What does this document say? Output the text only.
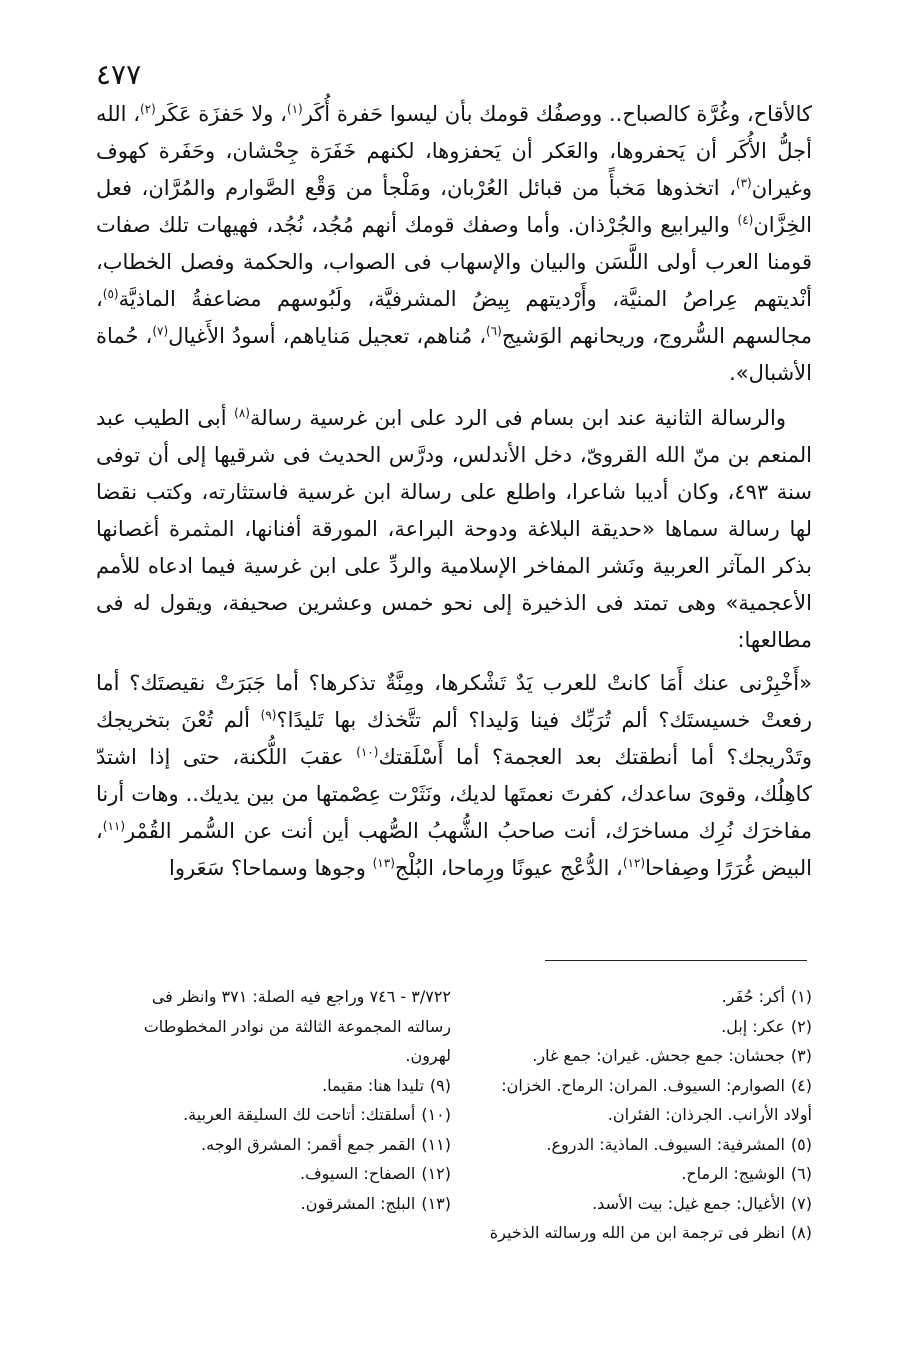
٤٧٧

كالأقاح، وغُرَّة كالصباح.. ووصفُك قومك بأن ليسوا حَفرة أُكَر$^{(١)}$، ولا حَفزَة عَكَر$^{(٢)}$، الله أجلُّ الأُكَر أن يَحفروها، والعَكر أن يَحفزوها، لكنهم خَفَرَة جِحْشان، وحَفَرة كهوف وغيران$^{(٣)}$، اتخذوها مَخبأً من قبائل العُرْبان، ومَلْجأ من وَقْع الصَّوارم والمُرَّان، فعل الخِزَّان$^{(٤)}$ واليرابيع والجُرْذان. وأما وصفك قومك أنهم مُجُد، نُجُد، فهيهات تلك صفات قومنا العرب أولى اللَّسَن والبيان والإسهاب فى الصواب، والحكمة وفصل الخطاب، أنْديتهم عِراصُ المنيَّة، وأَرْديتهم بِيضُ المشرفيَّة، ولَبُوسهم مضاعفةُ الماذيَّة$^{(٥)}$، مجالسهم السُّروج، وريحانهم الوَشيج$^{(٦)}$، مُناهم، تعجيل مَناياهم، أسودُ الأَغيال$^{(٧)}$، حُماة الأشبال».

والرسالة الثانية عند ابن بسام فى الرد على ابن غرسية رسالة$^{(٨)}$ أبى الطيب عبد المنعم بن منّ الله القروىّ، دخل الأندلس، ودرَّس الحديث فى شرقيها إلى أن توفى سنة ٤٩٣، وكان أديبا شاعرا، واطلع على رسالة ابن غرسية فاستثارته، وكتب نقضا لها رسالة سماها «حديقة البلاغة ودوحة البراعة، المورقة أفنانها، المثمرة أغصانها بذكر المآثر العربية ونَشر المفاخر الإسلامية والردِّ على ابن غرسية فيما ادعاه للأمم الأعجمية» وهى تمتد فى الذخيرة إلى نحو خمس وعشرين صحيفة، ويقول له فى مطالعها:

«أَخْبِرْنى عنك أَمَا كانتْ للعرب يَدٌ تَشْكرها، ومِنَّةٌ تذكرها؟ أما جَبَرَتْ نقيصتَك؟ أما رفعتْ خسيستَك؟ ألم تُرَبِّك فينا وَليدا؟ ألم تتَّخذك بها تَليدًا؟$^{(٩)}$ ألم تُعْنَ بتخريجك وتَدْريجك؟ أما أنطقتك بعد العجمة؟ أما أَسْلَقتك$^{(١٠)}$ عقبَ اللُّكنة، حتى إذا اشتدّ كاهِلُك، وقوىَ ساعدك، كفرتَ نعمتَها لديك، ونَثَرْت عِصْمتها من بين يديك.. وهات أرنا مفاخرَك نُرِك مساخرَك، أنت صاحبُ الشُّهبُ الصُّهب أين أنت عن السُّمر القُمْر$^{(١١)}$، البيض غُرَرًا وصِفاحا$^{(١٢)}$، الدُّعْج عيونًا ورِماحا، البُلْج$^{(١٣)}$ وجوها وسماحا؟ سَعَروا

(١)أكر: حُفَر.

(٢)عكر: إبل.

(٣)جحشان: جمع جحش. غيران: جمع غار.

(٤)الصوارم: السيوف. المران: الرماح. الخزان:

أولاد الأرانب. الجرذان: الفئران.

(٥)المشرفية: السيوف. الماذية: الدروع.

(٦)الوشيج: الرماح.

(٧)الأغيال: جمع غيل: بيت الأسد.

(٨)انظر فى ترجمة ابن من الله ورسالته الذخيرة

٣/٧٢٢ - ٧٤٦ وراجع فيه الصلة: ٣٧١ وانظر فى

رسالته المجموعة الثالثة من نوادر المخطوطات

لهرون.

(٩)تليدا هنا: مقيما.

(١٠)أسلقتك: أتاحت لك السليقة العربية.

(١١)القمر جمع أقمر: المشرق الوجه.

(١٢)الصفاح: السيوف.

(١٣)البلج: المشرقون.
